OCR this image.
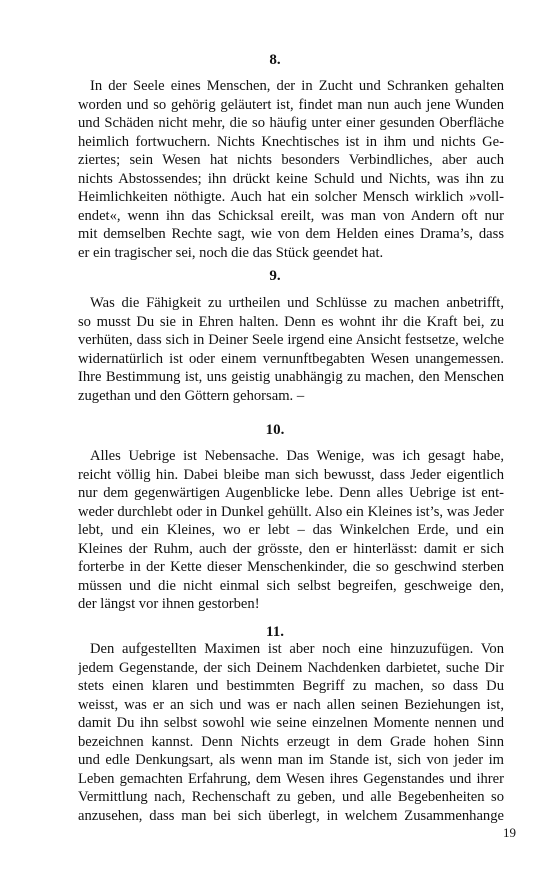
8.
In der Seele eines Menschen, der in Zucht und Schranken gehalten
worden und so gehörig geläutert ist, findet man nun auch jene Wunden
und Schäden nicht mehr, die so häufig unter einer gesunden Oberfläche
heimlich fortwuchern. Nichts Knechtisches ist in ihm und nichts Ge-
ziertes; sein Wesen hat nichts besonders Verbindliches, aber auch
nichts Abstossendes; ihn drückt keine Schuld und Nichts, was ihn zu
Heimlichkeiten nöthigte. Auch hat ein solcher Mensch wirklich »voll-
endet«, wenn ihn das Schicksal ereilt, was man von Andern oft nur
mit demselben Rechte sagt, wie von dem Helden eines Drama’s, dass
er ein tragischer sei, noch die das Stück geendet hat.
9.
Was die Fähigkeit zu urtheilen und Schlüsse zu machen anbetrifft,
so musst Du sie in Ehren halten. Denn es wohnt ihr die Kraft bei, zu
verhüten, dass sich in Deiner Seele irgend eine Ansicht festsetze, welche
widernatürlich ist oder einem vernunftbegabten Wesen unangemessen.
Ihre Bestimmung ist, uns geistig unabhängig zu machen, den Menschen
zugethan und den Göttern gehorsam. –
10.
Alles Uebrige ist Nebensache. Das Wenige, was ich gesagt habe,
reicht völlig hin. Dabei bleibe man sich bewusst, dass Jeder eigentlich
nur dem gegenwärtigen Augenblicke lebe. Denn alles Uebrige ist ent-
weder durchlebt oder in Dunkel gehüllt. Also ein Kleines ist’s, was Jeder
lebt, und ein Kleines, wo er lebt – das Winkelchen Erde, und ein
Kleines der Ruhm, auch der grösste, den er hinterlässt: damit er sich
forterbe in der Kette dieser Menschenkinder, die so geschwind sterben
müssen und die nicht einmal sich selbst begreifen, geschweige den,
der längst vor ihnen gestorben!
11.
Den aufgestellten Maximen ist aber noch eine hinzuzufügen. Von
jedem Gegenstande, der sich Deinem Nachdenken darbietet, suche Dir
stets einen klaren und bestimmten Begriff zu machen, so dass Du
weisst, was er an sich und was er nach allen seinen Beziehungen ist,
damit Du ihn selbst sowohl wie seine einzelnen Momente nennen und
bezeichnen kannst. Denn Nichts erzeugt in dem Grade hohen Sinn
und edle Denkungsart, als wenn man im Stande ist, sich von jeder im
Leben gemachten Erfahrung, dem Wesen ihres Gegenstandes und ihrer
Vermittlung nach, Rechenschaft zu geben, und alle Begebenheiten so
anzusehen, dass man bei sich überlegt, in welchem Zusammenhange
19
